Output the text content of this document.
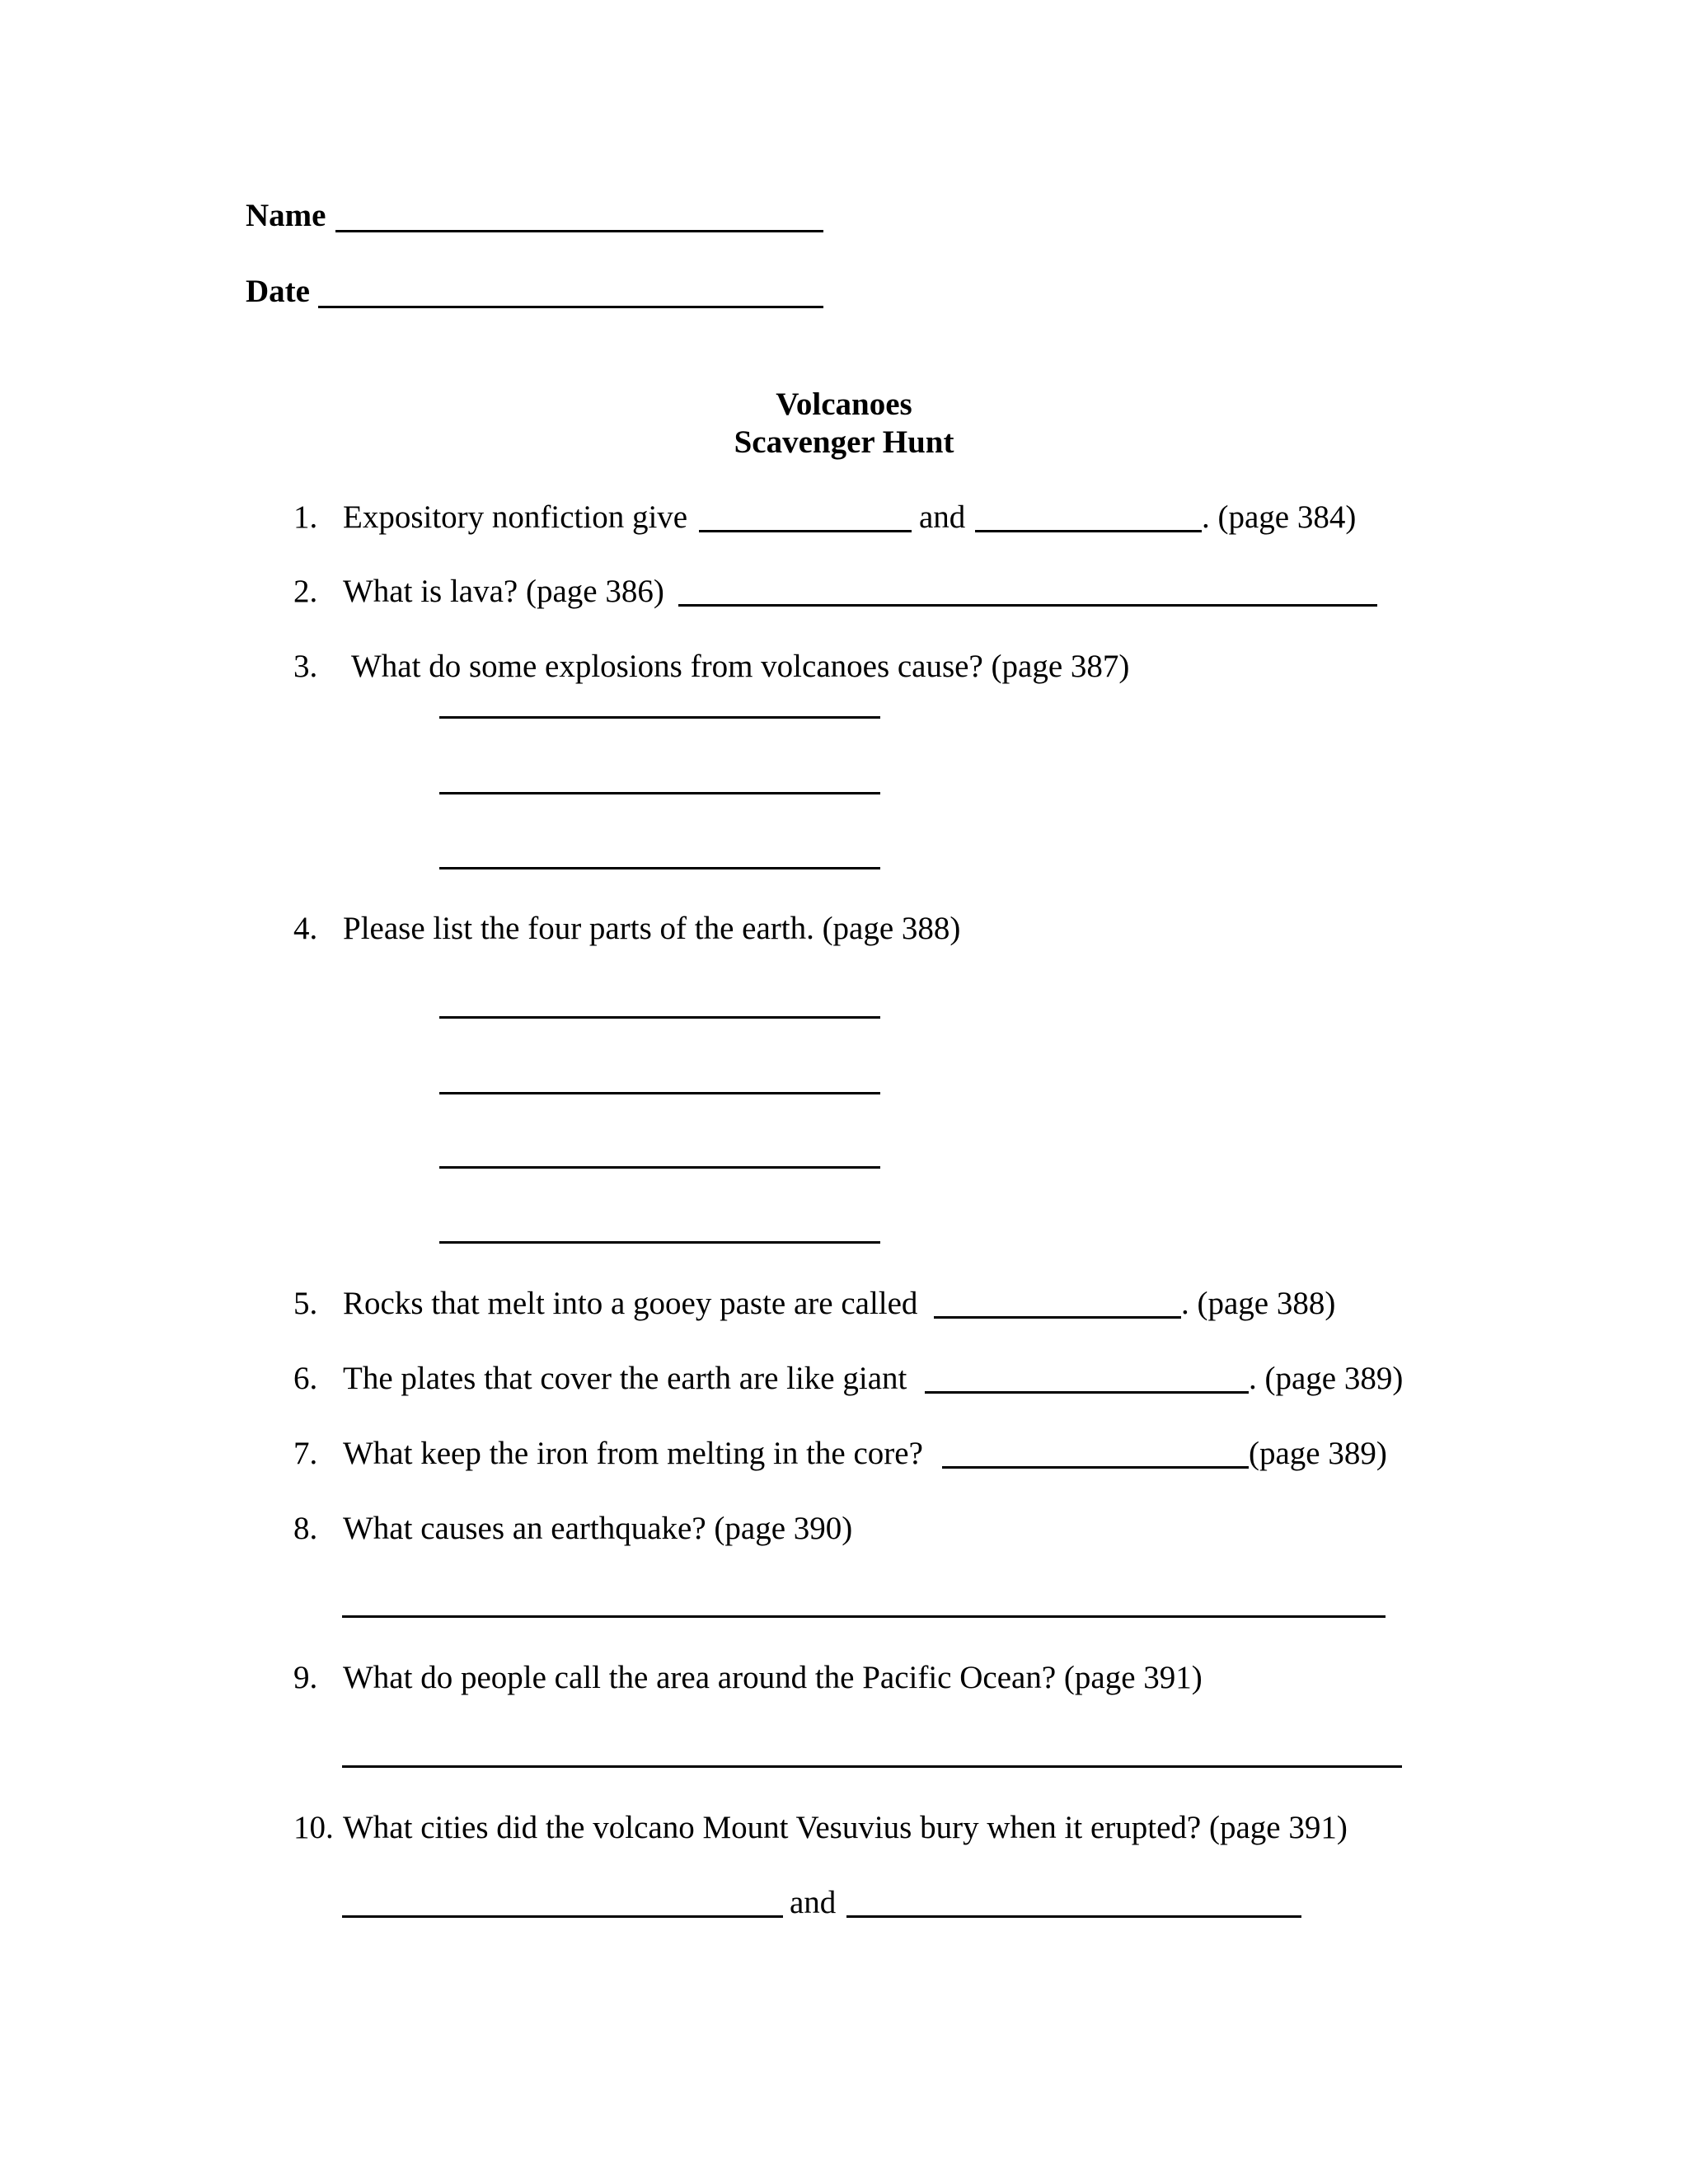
Name
Date
Volcanoes
Scavenger Hunt
1. Expository nonfiction give	and	. (page 384)
2. What is lava? (page 386)
3. What do some explosions from volcanoes cause? (page 387)
4. Please list the four parts of the earth. (page 388)
5. Rocks that melt into a gooey paste are called	. (page 388)
6. The plates that cover the earth are like giant	. (page 389)
7. What keep the iron from melting in the core?	(page 389)
8. What causes an earthquake? (page 390)
9. What do people call the area around the Pacific Ocean? (page 391)
10. What cities did the volcano Mount Vesuvius bury when it erupted? (page 391)
and
